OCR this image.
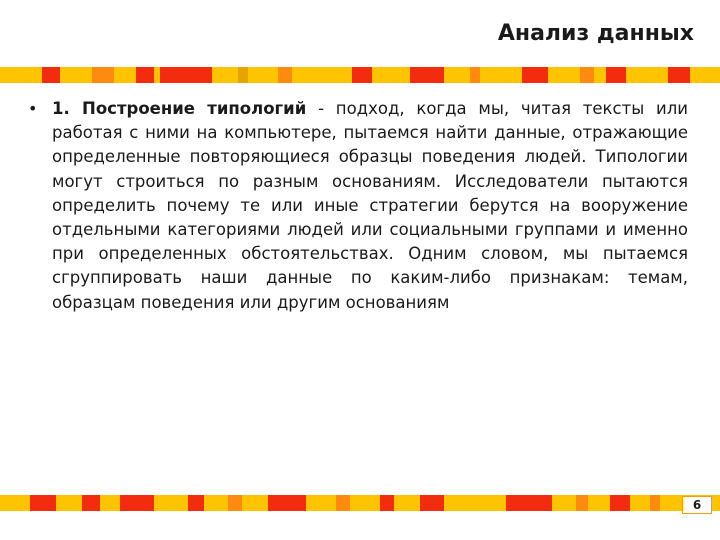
Анализ данных
• 1. Построение типологий - подход, когда мы, читая тексты или работая с ними на компьютере, пытаемся найти данные, отражающие определенные повторяющиеся образцы поведения людей. Типологии могут строиться по разным основаниям. Исследователи пытаются определить почему те или иные стратегии берутся на вооружение отдельными категориями людей или социальными группами и именно при определенных обстоятельствах. Одним словом, мы пытаемся сгруппировать наши данные по каким-либо признакам: темам, образцам поведения или другим основаниям
6
